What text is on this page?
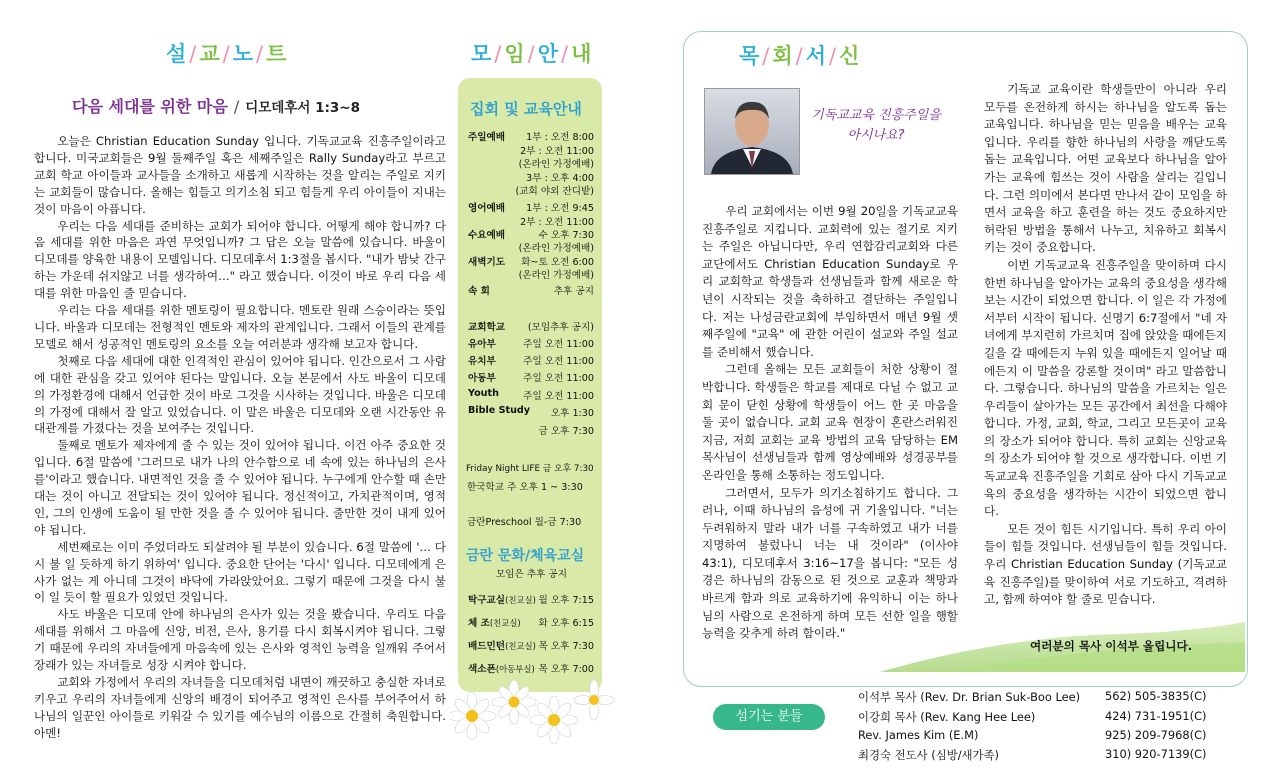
설 / 교 / 노 / 트	모 / 임 / 안 / 내
다음 세대를 위한 마음 / 디모데후서 1:3~8

오늘은 Christian Education Sunday 입니다. 기독교교육 진흥주일이라고 합니다. 미국교회들은 9월 둘째주일 혹은 세째주일은 Rally Sunday라고 부르고 교회 학교 아이들과 교사들을 소개하고 새롭게 시작하는 것을 알리는 주일로 지키는 교회들이 많습니다. 올해는 힘들고 의기소침 되고 힘들게 우리 아이들이 지내는 것이 마음이 아픕니다.

우리는 다음 세대를 준비하는 교회가 되어야 합니다. 어떻게 해야 합니까? 다음 세대를 위한 마음은 과연 무엇입니까? 그 답은 오늘 말씀에 있습니다. 바울이 디모데를 양육한 내용이 모델입니다. 디모데후서 1:3절을 봅시다. "내가 밤낮 간구하는 가운데 쉬지않고 너를 생각하여…" 라고 했습니다. 이것이 바로 우리 다음 세대를 위한 마음인 줄 믿습니다.

우리는 다음 세대를 위한 멘토링이 필요합니다. 멘토란 원래 스승이라는 뜻입니다. 바울과 디모데는 전형적인 멘토와 제자의 관계입니다. 그래서 이들의 관계를 모델로 해서 성공적인 멘토링의 요소를 오늘 여러분과 생각해 보고자 합니다.

첫째로 다음 세대에 대한 인격적인 관심이 있어야 됩니다. 인간으로서 그 사람에 대한 관심을 갖고 있어야 된다는 말입니다. 오늘 본문에서 사도 바울이 디모데의 가정환경에 대해서 언급한 것이 바로 그것을 시사하는 것입니다. 바울은 디모데의 가정에 대해서 잘 알고 있었습니다. 이 말은 바울은 디모데와 오랜 시간동안 유대관계를 가졌다는 것을 보여주는 것입니다.

둘째로 멘토가 제자에게 줄 수 있는 것이 있어야 됩니다. 이건 아주 중요한 것입니다. 6절 말씀에 '그러므로 내가 나의 안수함으로 네 속에 있는 하나님의 은사를'이라고 했습니다. 내면적인 것을 줄 수 있어야 됩니다. 누구에게 안수할 때 손만 대는 것이 아니고 전달되는 것이 있어야 됩니다. 정신적이고, 가치관적이며, 영적인, 그의 인생에 도움이 될 만한 것을 줄 수 있어야 됩니다. 줄만한 것이 내게 있어야 됩니다.

세번째로는 이미 주었더라도 되살려야 될 부분이 있습니다. 6절 말씀에 '… 다시 불 일 듯하게 하기 위하여' 입니다. 중요한 단어는 '다시' 입니다. 디모데에게 은사가 없는 게 아니데 그것이 바닥에 가라앉았어요. 그렇기 때문에 그것을 다시 불이 일 듯이 할 필요가 있었던 것입니다.

사도 바울은 디모데 안에 하나님의 은사가 있는 것을 봤습니다. 우리도 다음 세대를 위해서 그 마음에 신앙, 비전, 은사, 용기를 다시 회복시켜야 됩니다. 그렇기 때문에 우리의 자녀들에게 마음속에 있는 은사와 영적인 능력을 일깨워 주어서 장래가 있는 자녀들로 성장 시켜야 합니다.

교회와 가정에서 우리의 자녀들을 디모데처럼 내면이 깨끗하고 충실한 자녀로 키우고 우리의 자녀들에게 신앙의 배경이 되어주고 영적인 은사를 부어주어서 하나님의 일꾼인 아이들로 키워갈 수 있기를 예수님의 이름으로 간절히 축원합니다. 아멘!

집회 및 교육안내
주일예배 1부 : 오전 8:00
2부 : 오전 11:00
(온라인 가정예배)
3부 : 오후 4:00
(교회 야외 잔디밭)
영어예배 1부 : 오전 9:45
2부 : 오전 11:00
수요예배	수 오후 7:30
(온라인 가정예배)
새벽기도 화~토 오전 6:00
(온라인 가정예배)
속 회	추후 공지
교회학교 (모임추후 공지)
유아부	주일 오전 11:00
유치부	주일 오전 11:00
아동부	주일 오전 11:00
Youth	주일 오전 11:00
Bible Study 오후 1:30
금 오후 7:30
Friday Night LIFE 금 오후 7:30
한국학교 주 오후 1 ~ 3:30
금란Preschool 월-금 7:30
금란 문화/체육교실
모임은 추후 공지
탁구교실(친교실) 월 오후 7:15
체 조(친교실) 화 오후 6:15
배드민턴(친교실) 목 오후 7:30
색소폰(아동부실) 목 오후 7:00
목 / 회 / 서 / 신
기독교교육 진흥주일을 아시나요?

우리 교회에서는 이번 9월 20일을 기독교교육 진흥주일로 지킵니다. 교회력에 있는 절기로 지키는 주일은 아닙니다만, 우리 연합감리교회와 다른 교단에서도 Christian Education Sunday로 우리 교회학교 학생들과 선생님들과 함께 새로운 학년이 시작되는 것을 축하하고 결단하는 주일입니다. 저는 나성금란교회에 부임하면서 매년 9월 셋째주일에 "교육" 에 관한 어린이 설교와 주일 설교를 준비해서 했습니다.

그런데 올해는 모든 교회들이 처한 상황이 절박합니다. 학생들은 학교를 제대로 다닐 수 없고 교회 문이 닫힌 상황에 학생들이 어느 한 곳 마음을 둘 곳이 없습니다. 교회 교육 현장이 혼란스러워진 지금, 저희 교회는 교육 방법의 교육 담당하는 EM목사님이 선생님들과 함께 영상예배와 성경공부를 온라인을 통해 소통하는 정도입니다.

그러면서, 모두가 의기소침하기도 합니다. 그러나, 이때 하나님의 음성에 귀 기울입니다. "너는 두려워하지 말라 내가 너를 구속하였고 내가 너를 지명하여 불렀나니 너는 내 것이라" (이사야 43:1), 디모데후서 3:16~17을 봅니다: "모든 성경은 하나님의 감동으로 된 것으로 교훈과 책망과 바르게 함과 의로 교육하기에 유익하니 이는 하나님의 사람으로 온전하게 하며 모든 선한 일을 행할 능력을 갖추게 하려 함이라."

기독교 교육이란 학생들만이 아니라 우리 모두를 온전하게 하시는 하나님을 알도록 돕는 교육입니다. 하나님을 믿는 믿음을 배우는 교육입니다. 우리를 향한 하나님의 사랑을 깨닫도록 돕는 교육입니다. 어떤 교육보다 하나님을 알아가는 교육에 힘쓰는 것이 사람을 살리는 길입니다. 그런 의미에서 본다면 만나서 같이 모임을 하면서 교육을 하고 훈련을 하는 것도 중요하지만 허락된 방법을 통해서 나누고, 치유하고 회복시키는 것이 중요합니다.

이번 기독교교육 진흥주일을 맞이하며 다시 한번 하나님을 알아가는 교육의 중요성을 생각해보는 시간이 되었으면 합니다. 이 일은 각 가정에서부터 시작이 됩니다. 신명기 6:7절에서 "네 자녀에게 부지런히 가르치며 집에 앉았을 때에든지 길을 갈 때에든지 누워 있을 때에든지 일어날 때에든지 이 말씀을 강론할 것이며" 라고 말씀합니다. 그렇습니다. 하나님의 말씀을 가르치는 일은 우리들이 살아가는 모든 공간에서 최선을 다해야 합니다. 가정, 교회, 학교, 그리고 모든곳이 교육의 장소가 되어야 합니다. 특히 교회는 신앙교육의 장소가 되어야 할 것으로 생각합니다. 이번 기독교교육 진흥주일을 기회로 삼아 다시 기독교교육의 중요성을 생각하는 시간이 되었으면 합니다.

모든 것이 힘든 시기입니다. 특히 우리 아이들이 힘들 것입니다. 선생님들이 힘들 것입니다. 우리 Christian Education Sunday (기독교교육 진흥주일)를 맞이하여 서로 기도하고, 격려하고, 함께 하여야 할 줄로 믿습니다.

여러분의 목사 이석부 올립니다.
섬기는 분들
이석부 목사 (Rev. Dr. Brian Suk-Boo Lee) 562) 505-3835(C)
이강희 목사 (Rev. Kang Hee Lee)	424) 731-1951(C)
Rev. James Kim (E.M)	925) 209-7968(C)
최경숙 전도사 (심방/새가족)	310) 920-7139(C)
